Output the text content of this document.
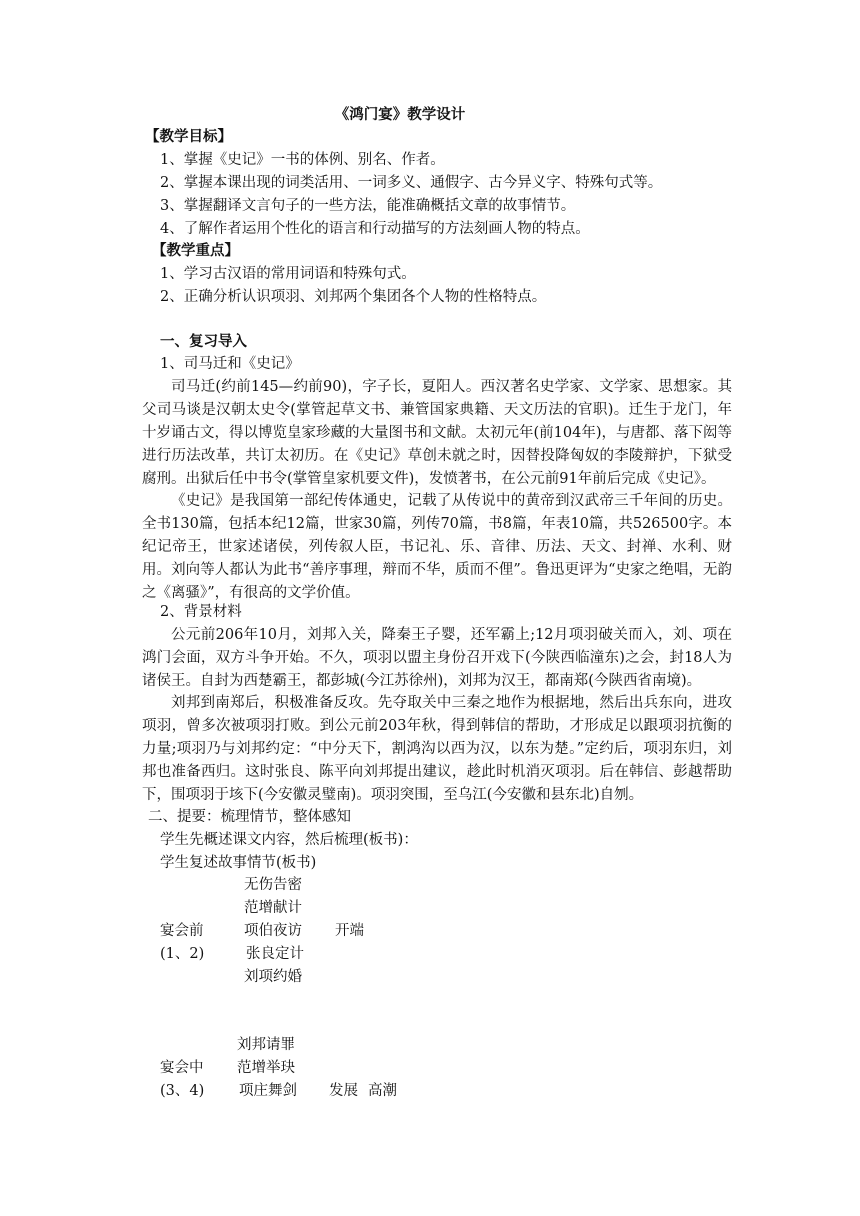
《鸿门宴》教学设计
【教学目标】
1、掌握《史记》一书的体例、别名、作者。
2、掌握本课出现的词类活用、一词多义、通假字、古今异义字、特殊句式等。
3、掌握翻译文言句子的一些方法，能准确概括文章的故事情节。
4、了解作者运用个性化的语言和行动描写的方法刻画人物的特点。
【教学重点】
1、学习古汉语的常用词语和特殊句式。
2、正确分析认识项羽、刘邦两个集团各个人物的性格特点。
一、复习导入
1、司马迁和《史记》

司马迁(约前145—约前90)，字子长，夏阳人。西汉著名史学家、文学家、思想家。其父司马谈是汉朝太史令(掌管起草文书、兼管国家典籍、天文历法的官职)。迁生于龙门，年十岁诵古文，得以博览皇家珍藏的大量图书和文献。太初元年(前104年)，与唐都、落下闳等进行历法改革，共订太初历。在《史记》草创未就之时，因替投降匈奴的李陵辩护，下狱受腐刑。出狱后任中书令(掌管皇家机要文件)，发愤著书，在公元前91年前后完成《史记》。

《史记》是我国第一部纪传体通史，记载了从传说中的黄帝到汉武帝三千年间的历史。全书130篇，包括本纪12篇，世家30篇，列传70篇，书8篇，年表10篇，共526500字。本纪记帝王，世家述诸侯，列传叙人臣，书记礼、乐、音律、历法、天文、封禅、水利、财用。刘向等人都认为此书“善序事理，辩而不华，质而不俚”。鲁迅更评为“史家之绝唱，无韵之《离骚》”，有很高的文学价值。

2、背景材料

公元前206年10月，刘邦入关，降秦王子婴，还军霸上;12月项羽破关而入，刘、项在鸿门会面，双方斗争开始。不久，项羽以盟主身份召开戏下(今陕西临潼东)之会，封18人为诸侯王。自封为西楚霸王，都彭城(今江苏徐州)，刘邦为汉王，都南郑(今陕西省南境)。

刘邦到南郑后，积极准备反攻。先夺取关中三秦之地作为根据地，然后出兵东向，进攻项羽，曾多次被项羽打败。到公元前203年秋，得到韩信的帮助，才形成足以跟项羽抗衡的力量;项羽乃与刘邦约定：“中分天下，割鸿沟以西为汉，以东为楚。”定约后，项羽东归，刘邦也准备西归。这时张良、陈平向刘邦提出建议，趁此时机消灭项羽。后在韩信、彭越帮助下，围项羽于垓下(今安徽灵璧南)。项羽突围，至乌江(今安徽和县东北)自刎。

二、提要：梳理情节，整体感知
学生先概述课文内容，然后梳理(板书)：
学生复述故事情节(板书)
无伤告密
范增献计
宴会前	项伯夜访 开端
(1、2)	张良定计
刘项约婚
刘邦请罪
宴会中 范增举玦
(3、4) 项庄舞剑 发展 高潮
